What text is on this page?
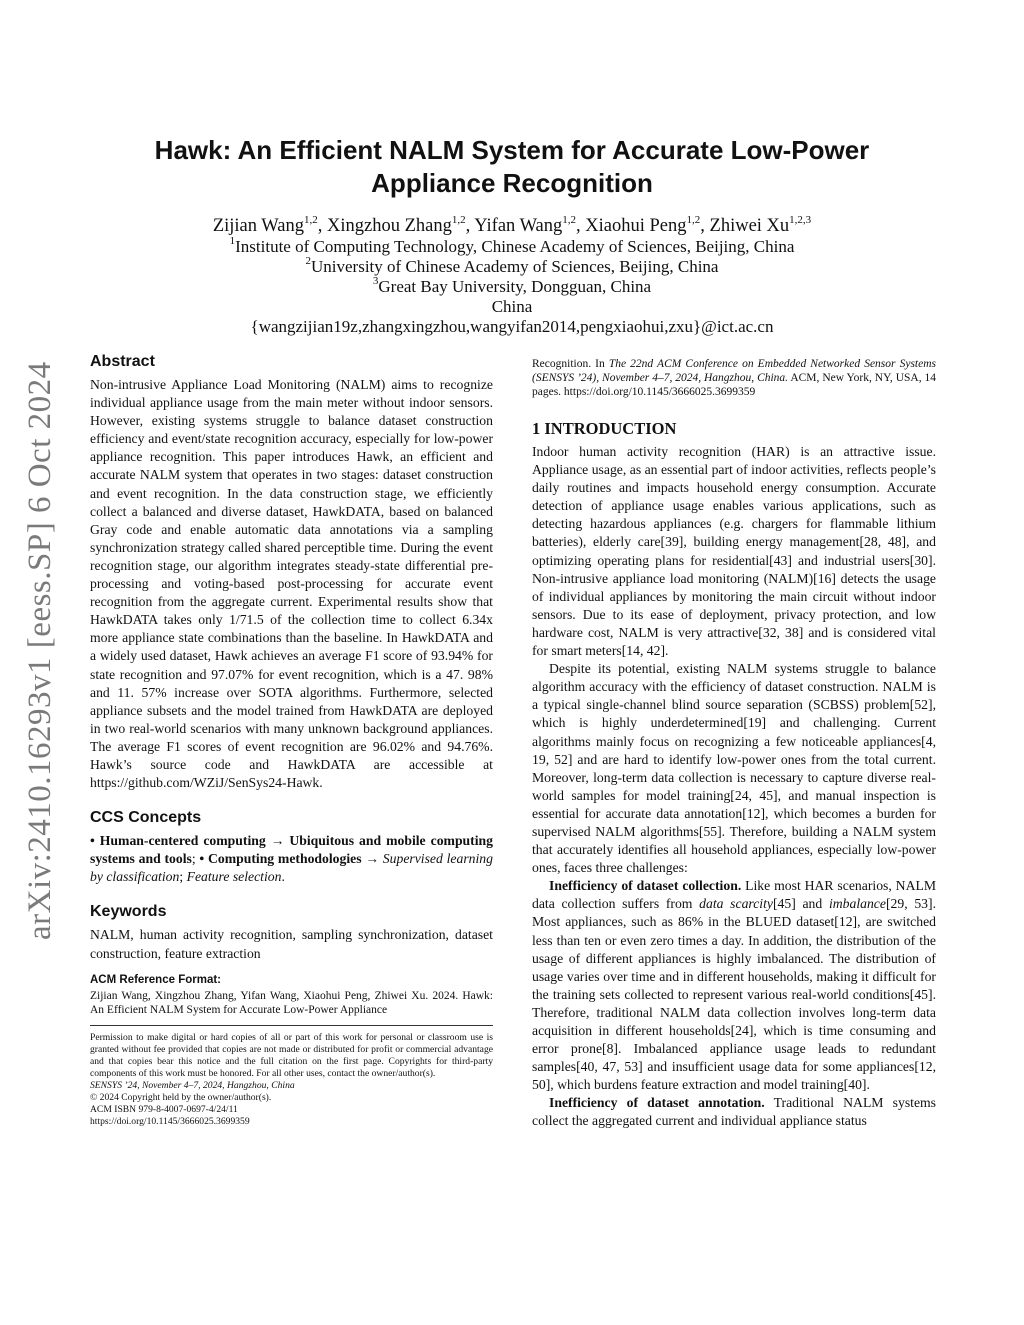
arXiv:2410.16293v1 [eess.SP] 6 Oct 2024
Hawk: An Efficient NALM System for Accurate Low-Power Appliance Recognition
Zijian Wang$^{1,2}$, Xingzhou Zhang$^{1,2}$, Yifan Wang$^{1,2}$, Xiaohui Peng$^{1,2}$, Zhiwei Xu$^{1,2,3}$
$^1$Institute of Computing Technology, Chinese Academy of Sciences, Beijing, China
$^2$University of Chinese Academy of Sciences, Beijing, China
$^3$Great Bay University, Dongguan, China
China
{wangzijian19z,zhangxingzhou,wangyifan2014,pengxiaohui,zxu}@ict.ac.cn
Abstract

Non-intrusive Appliance Load Monitoring (NALM) aims to recognize individual appliance usage from the main meter without indoor sensors. However, existing systems struggle to balance dataset construction efficiency and event/state recognition accuracy, especially for low-power appliance recognition. This paper introduces Hawk, an efficient and accurate NALM system that operates in two stages: dataset construction and event recognition. In the data construction stage, we efficiently collect a balanced and diverse dataset, HawkDATA, based on balanced Gray code and enable automatic data annotations via a sampling synchronization strategy called shared perceptible time. During the event recognition stage, our algorithm integrates steady-state differential pre-processing and voting-based post-processing for accurate event recognition from the aggregate current. Experimental results show that HawkDATA takes only 1/71.5 of the collection time to collect 6.34x more appliance state combinations than the baseline. In HawkDATA and a widely used dataset, Hawk achieves an average F1 score of 93.94% for state recognition and 97.07% for event recognition, which is a 47. 98% and 11. 57% increase over SOTA algorithms. Furthermore, selected appliance subsets and the model trained from HawkDATA are deployed in two real-world scenarios with many unknown background appliances. The average F1 scores of event recognition are 96.02% and 94.76%. Hawk’s source code and HawkDATA are accessible at https://github.com/WZiJ/SenSys24-Hawk.

CCS Concepts

• Human-centered computing → Ubiquitous and mobile computing systems and tools; • Computing methodologies → Supervised learning by classification; Feature selection.

Keywords

NALM, human activity recognition, sampling synchronization, dataset construction, feature extraction

ACM Reference Format:

Zijian Wang, Xingzhou Zhang, Yifan Wang, Xiaohui Peng, Zhiwei Xu. 2024. Hawk: An Efficient NALM System for Accurate Low-Power Appliance

Permission to make digital or hard copies of all or part of this work for personal or classroom use is granted without fee provided that copies are not made or distributed for profit or commercial advantage and that copies bear this notice and the full citation on the first page. Copyrights for third-party components of this work must be honored. For all other uses, contact the owner/author(s).

SENSYS ’24, November 4–7, 2024, Hangzhou, China

© 2024 Copyright held by the owner/author(s).

ACM ISBN 979-8-4007-0697-4/24/11

https://doi.org/10.1145/3666025.3699359

Recognition. In The 22nd ACM Conference on Embedded Networked Sensor Systems (SENSYS ’24), November 4–7, 2024, Hangzhou, China. ACM, New York, NY, USA, 14 pages. https://doi.org/10.1145/3666025.3699359

1 INTRODUCTION

Indoor human activity recognition (HAR) is an attractive issue. Appliance usage, as an essential part of indoor activities, reflects people’s daily routines and impacts household energy consumption. Accurate detection of appliance usage enables various applications, such as detecting hazardous appliances (e.g. chargers for flammable lithium batteries), elderly care[39], building energy management[28, 48], and optimizing operating plans for residential[43] and industrial users[30]. Non-intrusive appliance load monitoring (NALM)[16] detects the usage of individual appliances by monitoring the main circuit without indoor sensors. Due to its ease of deployment, privacy protection, and low hardware cost, NALM is very attractive[32, 38] and is considered vital for smart meters[14, 42].

Despite its potential, existing NALM systems struggle to balance algorithm accuracy with the efficiency of dataset construction. NALM is a typical single-channel blind source separation (SCBSS) problem[52], which is highly underdetermined[19] and challenging. Current algorithms mainly focus on recognizing a few noticeable appliances[4, 19, 52] and are hard to identify low-power ones from the total current. Moreover, long-term data collection is necessary to capture diverse real-world samples for model training[24, 45], and manual inspection is essential for accurate data annotation[12], which becomes a burden for supervised NALM algorithms[55]. Therefore, building a NALM system that accurately identifies all household appliances, especially low-power ones, faces three challenges:

Inefficiency of dataset collection. Like most HAR scenarios, NALM data collection suffers from data scarcity[45] and imbalance[29, 53]. Most appliances, such as 86% in the BLUED dataset[12], are switched less than ten or even zero times a day. In addition, the distribution of the usage of different appliances is highly imbalanced. The distribution of usage varies over time and in different households, making it difficult for the training sets collected to represent various real-world conditions[45]. Therefore, traditional NALM data collection involves long-term data acquisition in different households[24], which is time consuming and error prone[8]. Imbalanced appliance usage leads to redundant samples[40, 47, 53] and insufficient usage data for some appliances[12, 50], which burdens feature extraction and model training[40].

Inefficiency of dataset annotation. Traditional NALM systems collect the aggregated current and individual appliance status
